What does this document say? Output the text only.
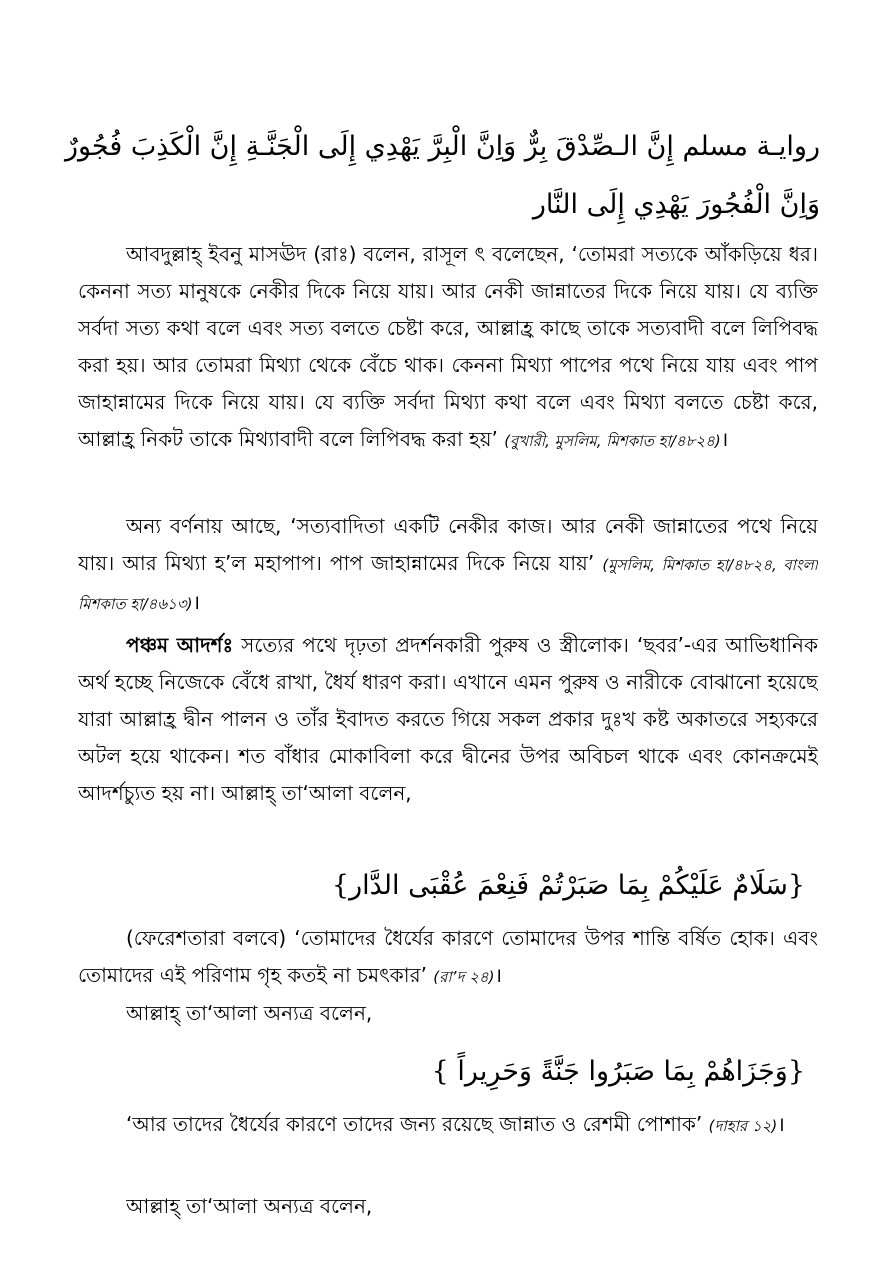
روايـة مسلم إِنَّ الـصِّدْقَ بِرٌّ وَاِنَّ الْبِرَّ يَهْدِي إِلَى الْجَنَّـةِ إِنَّ الْكَذِبَ فُجُورٌ
وَاِنَّ الْفُجُورَ يَهْدِي إِلَى النَّار

আবদুল্লাহ্ ইবনু মাসঊদ (রাঃ) বলেন, রাসূল ৎ বলেছেন, ‘তোমরা সত্যকে আঁকড়িয়ে ধর। কেননা সত্য মানুষকে নেকীর দিকে নিয়ে যায়। আর নেকী জান্নাতের দিকে নিয়ে যায়। যে ব্যক্তি সর্বদা সত্য কথা বলে এবং সত্য বলতে চেষ্টা করে, আল্লাহ্র কাছে তাকে সত্যবাদী বলে লিপিবদ্ধ করা হয়। আর তোমরা মিথ্যা থেকে বেঁচে থাক। কেননা মিথ্যা পাপের পথে নিয়ে যায় এবং পাপ জাহান্নামের দিকে নিয়ে যায়। যে ব্যক্তি সর্বদা মিথ্যা কথা বলে এবং মিথ্যা বলতে চেষ্টা করে, আল্লাহ্র নিকট তাকে মিথ্যাবাদী বলে লিপিবদ্ধ করা হয়’ (বুখারী, মুসলিম, মিশকাত হা/৪৮২৪)।

অন্য বর্ণনায় আছে, ‘সত্যবাদিতা একটি নেকীর কাজ। আর নেকী জান্নাতের পথে নিয়ে যায়। আর মিথ্যা হ’ল মহাপাপ। পাপ জাহান্নামের দিকে নিয়ে যায়’ (মুসলিম, মিশকাত হা/৪৮২৪, বাংলা মিশকাত হা/৪৬১৩)।

পঞ্চম আদর্শঃ সত্যের পথে দৃঢ়তা প্রদর্শনকারী পুরুষ ও স্ত্রীলোক। ‘ছবর’-এর আভিধানিক অর্থ হচ্ছে নিজেকে বেঁধে রাখা, ধৈর্য ধারণ করা। এখানে এমন পুরুষ ও নারীকে বোঝানো হয়েছে যারা আল্লাহ্র দ্বীন পালন ও তাঁর ইবাদত করতে গিয়ে সকল প্রকার দুঃখ কষ্ট অকাতরে সহ্যকরে অটল হয়ে থাকেন। শত বাঁধার মোকাবিলা করে দ্বীনের উপর অবিচল থাকে এবং কোনক্রমেই আদর্শচ্যুত হয় না। আল্লাহ্ তা‘আলা বলেন,

{سَلَامٌ عَلَيْكُمْ بِمَا صَبَرْتُمْ فَنِعْمَ عُقْبَى الدَّار}

(ফেরেশতারা বলবে) ‘তোমাদের ধৈর্যের কারণে তোমাদের উপর শান্তি বর্ষিত হোক। এবং তোমাদের এই পরিণাম গৃহ কতই না চমৎকার’ (রা’দ ২৪)।

আল্লাহ্ তা‘আলা অন্যত্র বলেন,
{وَجَزَاهُمْ بِمَا صَبَرُوا جَنَّةً وَحَرِيراً }

‘আর তাদের ধৈর্যের কারণে তাদের জন্য রয়েছে জান্নাত ও রেশমী পোশাক’ (দাহার ১২)।

আল্লাহ্ তা‘আলা অন্যত্র বলেন,
